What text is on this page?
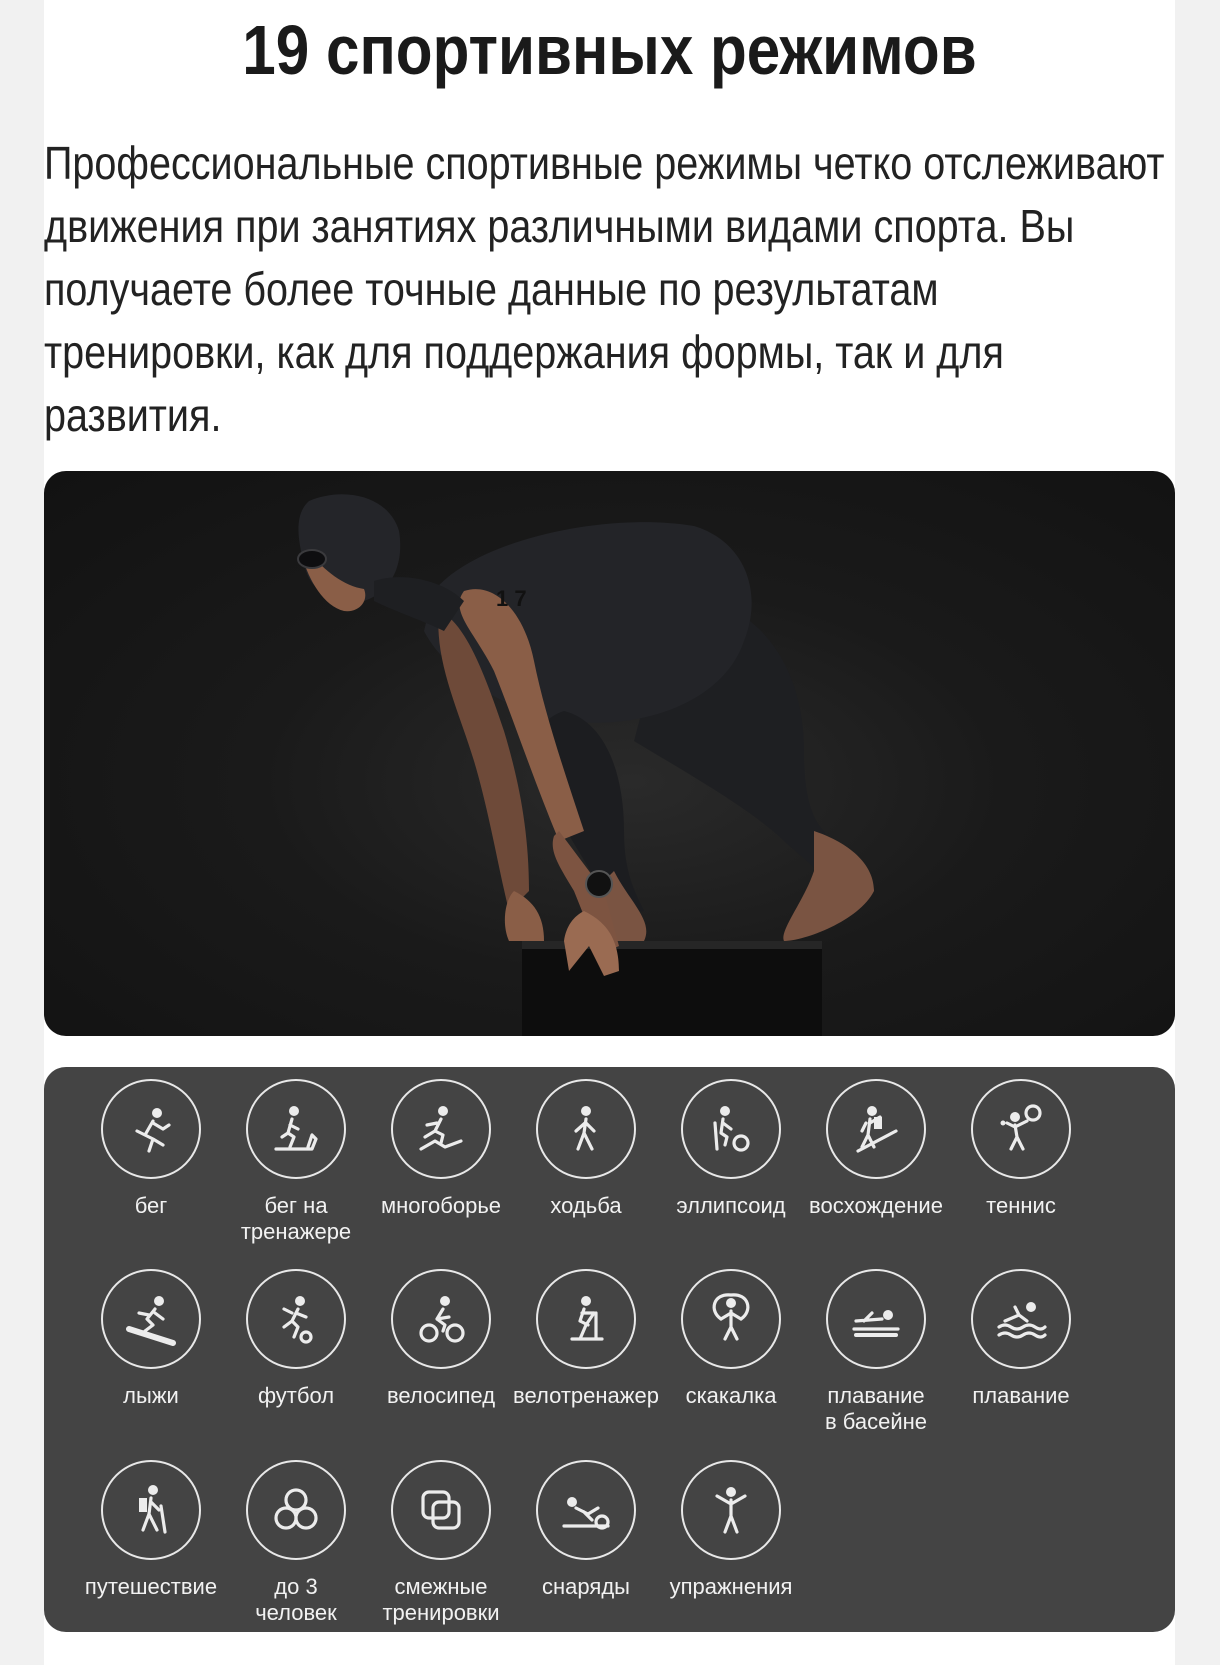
19 спортивных режимов

Профессиональные спортивные режимы четко отслеживают движения при занятиях различными видами спорта. Вы получаете более точные данные по результатам тренировки, как для поддержания формы, так и для развития.

1 7
бег	бег на
тренажере
многоборье	ходьба	эллипсоид	восхождение	теннис
лыжи	футбол	велосипед велотренажер	скакалка	плавание
в басейне
плавание
путешествие	до 3
человек
смежные
тренировки
снаряды	упражнения
